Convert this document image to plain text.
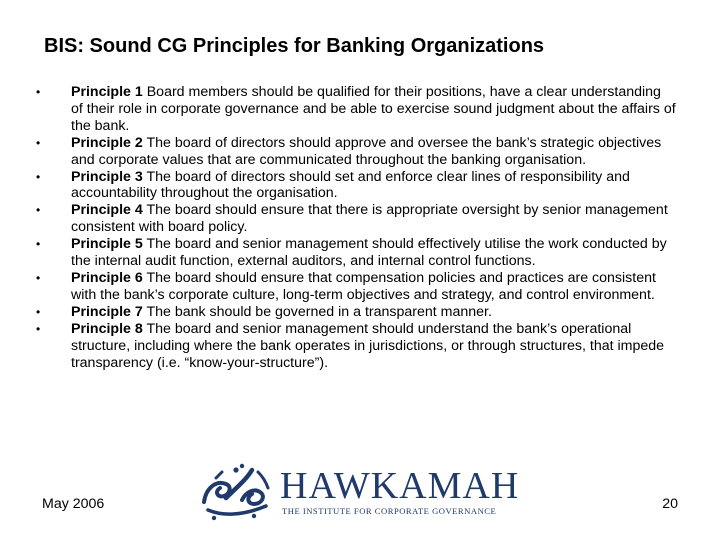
BIS: Sound CG Principles for Banking Organizations
• Principle 1 Board members should be qualified for their positions, have a clear understanding of their role in corporate governance and be able to exercise sound judgment about the affairs of the bank.
• Principle 2 The board of directors should approve and oversee the bank’s strategic objectives and corporate values that are communicated throughout the banking organisation.
• Principle 3 The board of directors should set and enforce clear lines of responsibility and accountability throughout the organisation.
• Principle 4 The board should ensure that there is appropriate oversight by senior management consistent with board policy.
• Principle 5 The board and senior management should effectively utilise the work conducted by the internal audit function, external auditors, and internal control functions.
• Principle 6 The board should ensure that compensation policies and practices are consistent with the bank’s corporate culture, long-term objectives and strategy, and control environment.
• Principle 7 The bank should be governed in a transparent manner.
• Principle 8 The board and senior management should understand the bank’s operational structure, including where the bank operates in jurisdictions, or through structures, that impede transparency (i.e. “know-your-structure”).
May 2006	HAWKAMAH
THE INSTITUTE FOR CORPORATE GOVERNANCE	20
